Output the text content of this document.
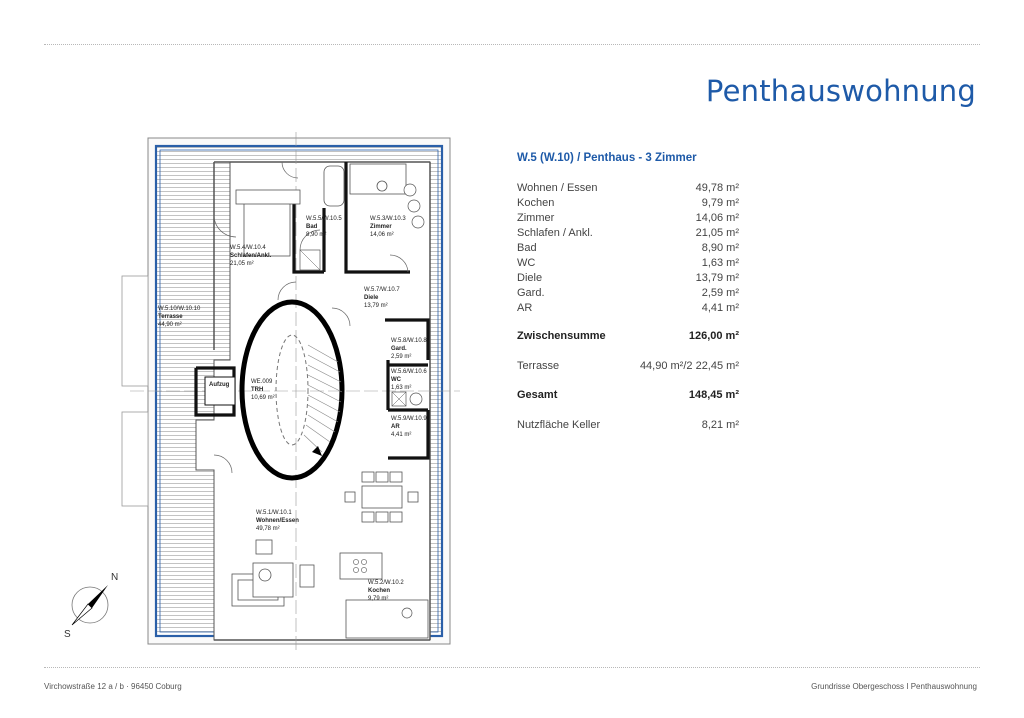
Penthauswohnung
N
S
W.5.5/W.10.5
Bad
8,90 m²
W.5.3/W.10.3
Zimmer
14,06 m²
W.5.4/W.10.4
Schlafen/Ankl.
21,05 m²
W.5.7/W.10.7
Diele
13,79 m²
W.5.10/W.10.10
Terrasse
44,90 m²
W.5.8/W.10.8
Gard.
2,59 m²
W.5.6/W.10.6
WC
1,63 m²
W.5.9/W.10.9
AR
4,41 m²
WE.009
TRH
10,69 m²
Aufzug
W.5.1/W.10.1
Wohnen/Essen
49,78 m²
W.5.2/W.10.2
Kochen
9,79 m²
W.5 (W.10) / Penthaus - 3 Zimmer
Wohnen / Essen	49,78 m²
Kochen	9,79 m²
Zimmer	14,06 m²
Schlafen / Ankl.	21,05 m²
Bad	8,90 m²
WC	1,63 m²
Diele	13,79 m²
Gard.	2,59 m²
AR	4,41 m²
Zwischensumme	126,00 m²
Terrasse	44,90 m²/2 22,45 m²
Gesamt	148,45 m²
Nutzfläche Keller	8,21 m²
Virchowstraße 12 a / b · 96450 Coburg	Grundrisse Obergeschoss I Penthauswohnung
